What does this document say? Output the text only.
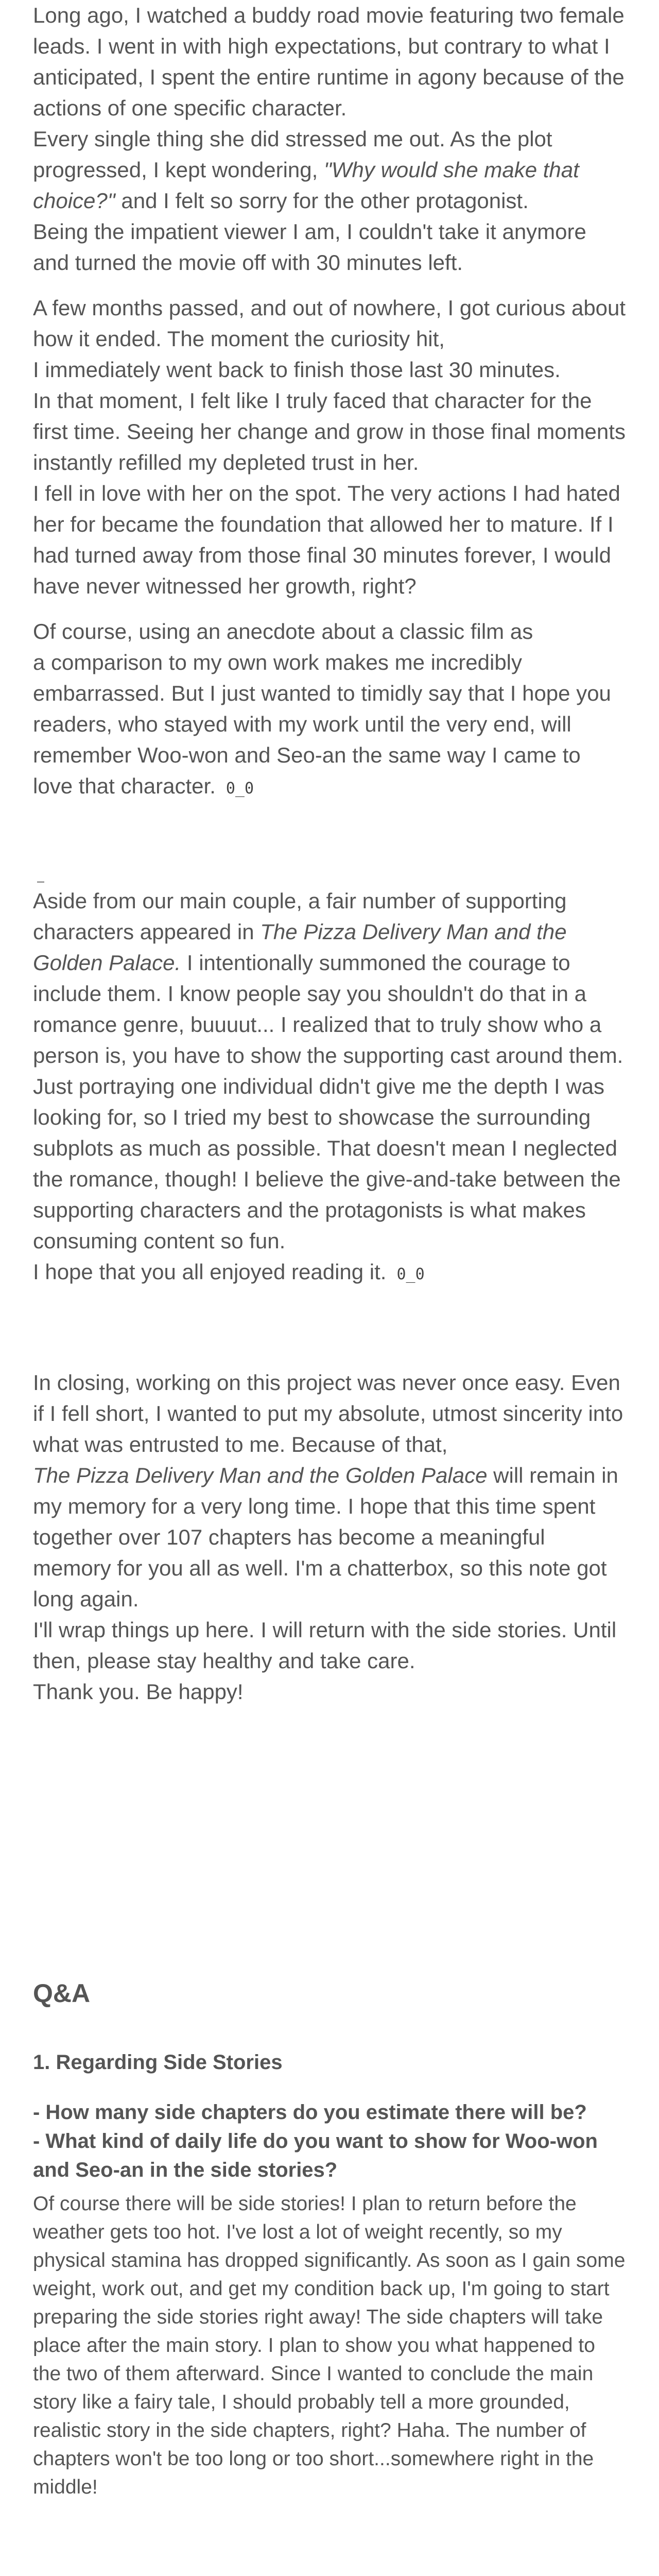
Long ago, I watched a buddy road movie featuring two female leads. I went in with high expectations, but contrary to what I anticipated, I spent the entire runtime in agony because of the actions of one specific character.
Every single thing she did stressed me out. As the plot progressed, I kept wondering, "Why would she make that choice?" and I felt so sorry for the other protagonist.
Being the impatient viewer I am, I couldn't take it anymore and turned the movie off with 30 minutes left.

A few months passed, and out of nowhere, I got curious about how it ended. The moment the curiosity hit,
I immediately went back to finish those last 30 minutes.
In that moment, I felt like I truly faced that character for the first time. Seeing her change and grow in those final moments instantly refilled my depleted trust in her.
I fell in love with her on the spot. The very actions I had hated her for became the foundation that allowed her to mature. If I had turned away from those final 30 minutes forever, I would have never witnessed her growth, right?

Of course, using an anecdote about a classic film as
a comparison to my own work makes me incredibly embarrassed. But I just wanted to timidly say that I hope you readers, who stayed with my work until the very end, will remember Woo-won and Seo-an the same way I came to love that character. 0_0

Aside from our main couple, a fair number of supporting characters appeared in The Pizza Delivery Man and the Golden Palace. I intentionally summoned the courage to include them. I know people say you shouldn't do that in a romance genre, buuuut... I realized that to truly show who a person is, you have to show the supporting cast around them. Just portraying one individual didn't give me the depth I was looking for, so I tried my best to showcase the surrounding subplots as much as possible. That doesn't mean I neglected the romance, though! I believe the give-and-take between the supporting characters and the protagonists is what makes consuming content so fun.
I hope that you all enjoyed reading it. 0_0

In closing, working on this project was never once easy. Even if I fell short, I wanted to put my absolute, utmost sincerity into what was entrusted to me. Because of that,
The Pizza Delivery Man and the Golden Palace will remain in my memory for a very long time. I hope that this time spent together over 107 chapters has become a meaningful memory for you all as well. I'm a chatterbox, so this note got long again.
I'll wrap things up here. I will return with the side stories. Until then, please stay healthy and take care.
Thank you. Be happy!

Q&A
1. Regarding Side Stories

- How many side chapters do you estimate there will be?

- What kind of daily life do you want to show for Woo-won and Seo-an in the side stories?

Of course there will be side stories! I plan to return before the weather gets too hot. I've lost a lot of weight recently, so my physical stamina has dropped significantly. As soon as I gain some weight, work out, and get my condition back up, I'm going to start preparing the side stories right away! The side chapters will take place after the main story. I plan to show you what happened to the two of them afterward. Since I wanted to conclude the main story like a fairy tale, I should probably tell a more grounded, realistic story in the side chapters, right? Haha. The number of chapters won't be too long or too short...somewhere right in the middle!
